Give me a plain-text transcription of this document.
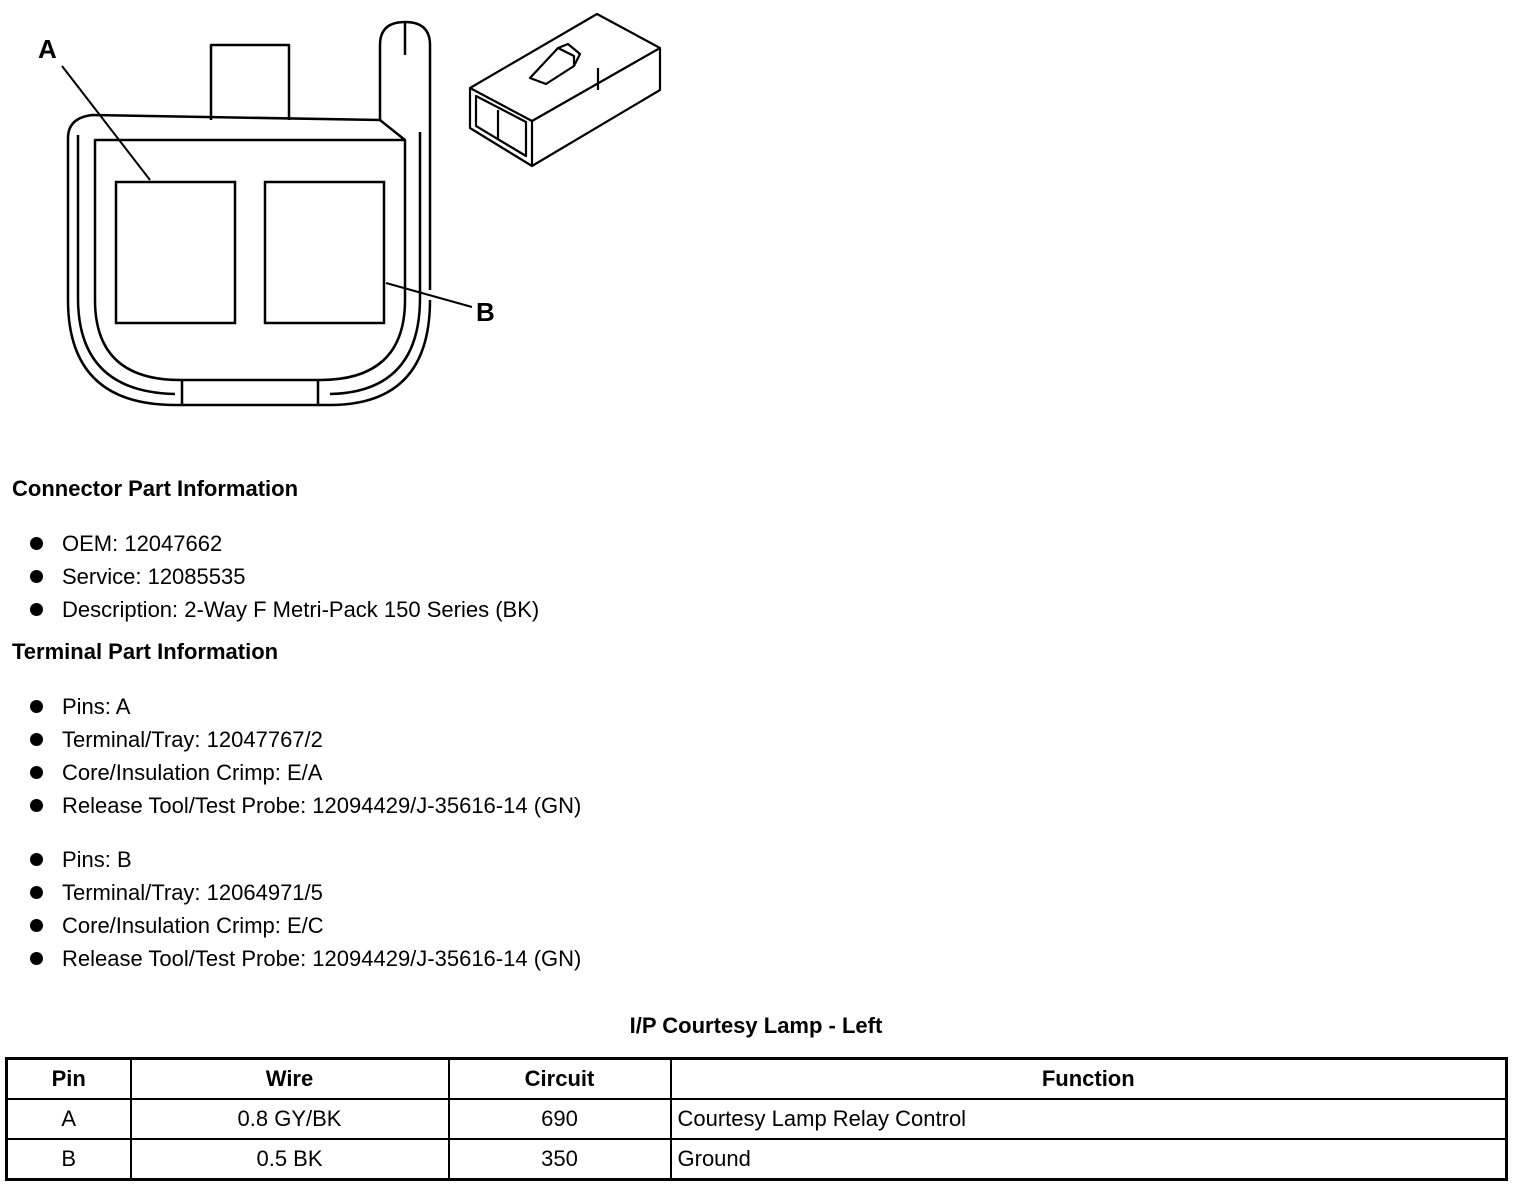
A
B
Connector Part Information
OEM: 12047662
Service: 12085535
Description: 2-Way F Metri-Pack 150 Series (BK)
Terminal Part Information
Pins: A
Terminal/Tray: 12047767/2
Core/Insulation Crimp: E/A
Release Tool/Test Probe: 12094429/J-35616-14 (GN)
Pins: B
Terminal/Tray: 12064971/5
Core/Insulation Crimp: E/C
Release Tool/Test Probe: 12094429/J-35616-14 (GN)
I/P Courtesy Lamp - Left
Pin	Wire	Circuit	Function
A	0.8 GY/BK	690	Courtesy Lamp Relay Control
B	0.5 BK	350	Ground
